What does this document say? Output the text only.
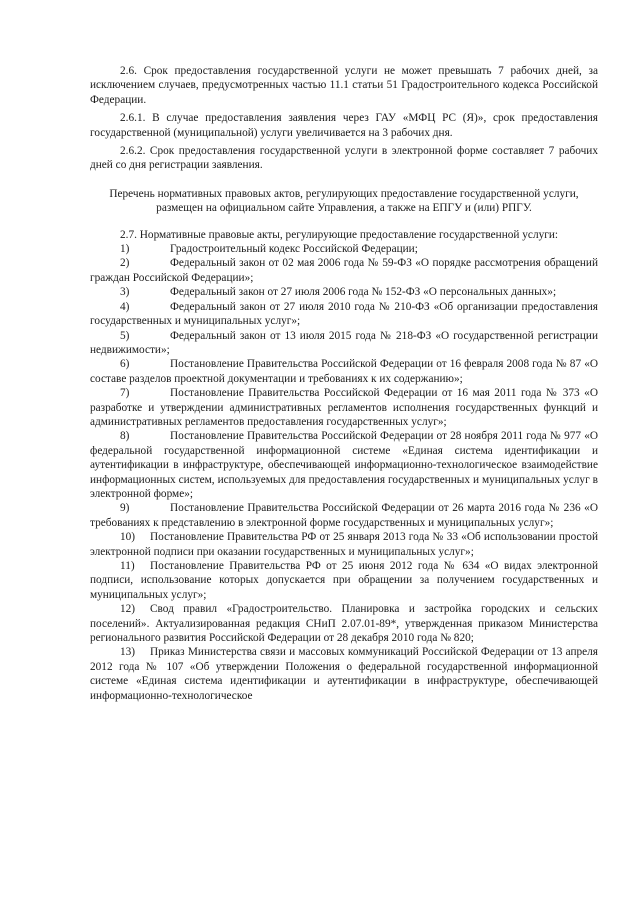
2.6. Срок предоставления государственной услуги не может превышать 7 рабочих дней, за исключением случаев, предусмотренных частью 11.1 статьи 51 Градостроительного кодекса Российской Федерации.

2.6.1. В случае предоставления заявления через ГАУ «МФЦ РС (Я)», срок предоставления государственной (муниципальной) услуги увеличивается на 3 рабочих дня.

2.6.2. Срок предоставления государственной услуги в электронной форме составляет 7 рабочих дней со дня регистрации заявления.

Перечень нормативных правовых актов, регулирующих предоставление государственной услуги, размещен на официальном сайте Управления, а также на ЕПГУ и (или) РПГУ.

2.7. Нормативные правовые акты, регулирующие предоставление государственной услуги:

1)	Градостроительный кодекс Российской Федерации;

2)	Федеральный закон от 02 мая 2006 года № 59-ФЗ «О порядке рассмотрения обращений граждан Российской Федерации»;

3)	Федеральный закон от 27 июля 2006 года № 152-ФЗ «О персональных данных»;

4)	Федеральный закон от 27 июля 2010 года № 210-ФЗ «Об организации предоставления государственных и муниципальных услуг»;

5)	Федеральный закон от 13 июля 2015 года № 218-ФЗ «О государственной регистрации недвижимости»;

6)	Постановление Правительства Российской Федерации от 16 февраля 2008 года № 87 «О составе разделов проектной документации и требованиях к их содержанию»;

7)	Постановление Правительства Российской Федерации от 16 мая 2011 года № 373 «О разработке и утверждении административных регламентов исполнения государственных функций и административных регламентов предоставления государственных услуг»;

8)	Постановление Правительства Российской Федерации от 28 ноября 2011 года № 977 «О федеральной государственной информационной системе «Единая система идентификации и аутентификации в инфраструктуре, обеспечивающей информационно-технологическое взаимодействие информационных систем, используемых для предоставления государственных и муниципальных услуг в электронной форме»;

9)	Постановление Правительства Российской Федерации от 26 марта 2016 года № 236 «О требованиях к представлению в электронной форме государственных и муниципальных услуг»;

10) Постановление Правительства РФ от 25 января 2013 года № 33 «Об использовании простой электронной подписи при оказании государственных и муниципальных услуг»;

11) Постановление Правительства РФ от 25 июня 2012 года № 634 «О видах электронной подписи, использование которых допускается при обращении за получением государственных и муниципальных услуг»;

12) Свод правил «Градостроительство. Планировка и застройка городских и сельских поселений». Актуализированная редакция СНиП 2.07.01-89*, утвержденная приказом Министерства регионального развития Российской Федерации от 28 декабря 2010 года № 820;

13) Приказ Министерства связи и массовых коммуникаций Российской Федерации от 13 апреля 2012 года № 107 «Об утверждении Положения о федеральной государственной информационной системе «Единая система идентификации и аутентификации в инфраструктуре, обеспечивающей информационно-технологическое
